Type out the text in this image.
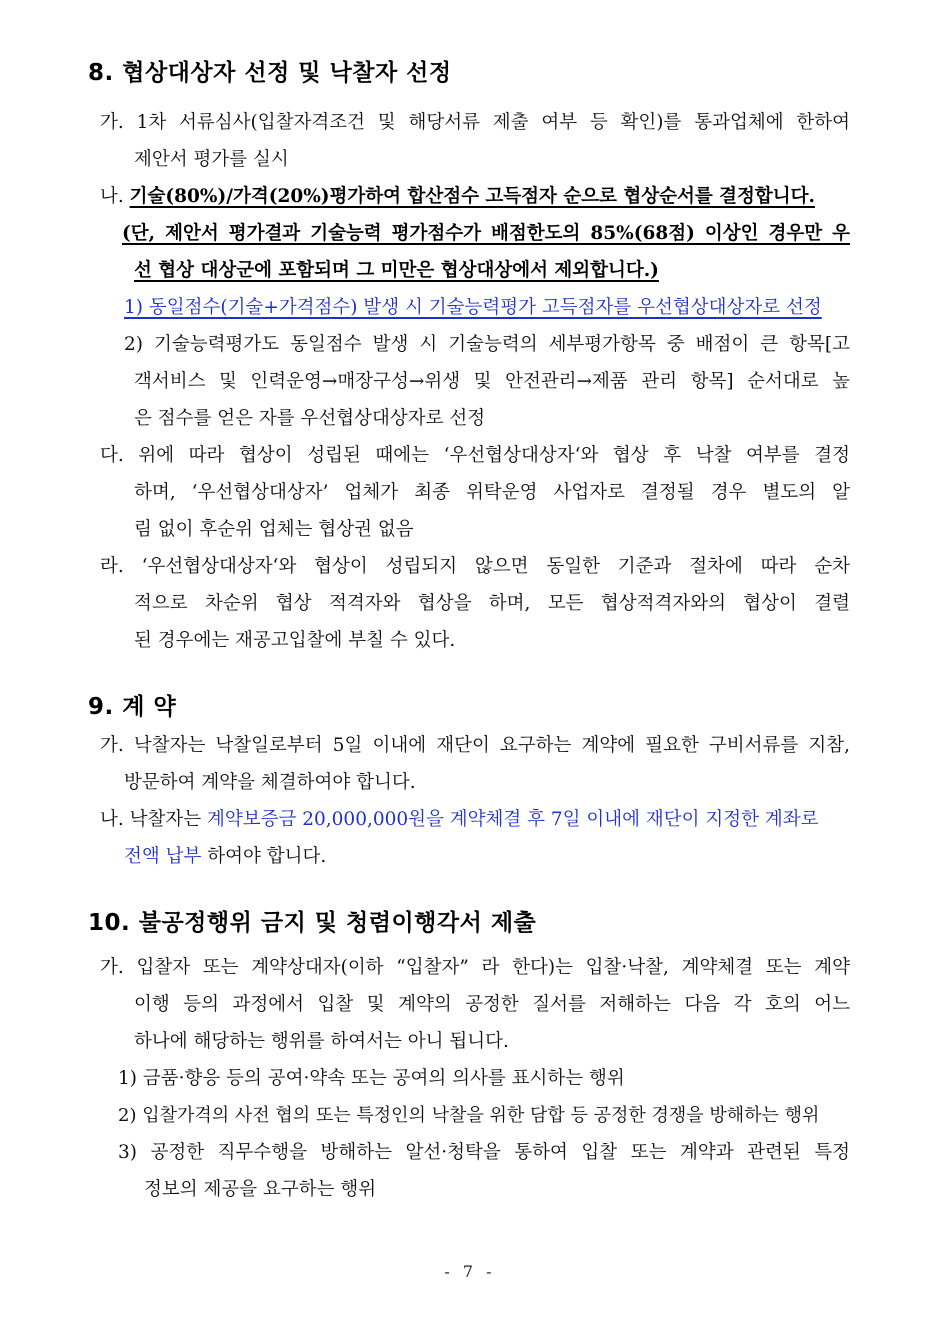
8. 협상대상자 선정 및 낙찰자 선정
가. 1차 서류심사(입찰자격조건 및 해당서류 제출 여부 등 확인)를 통과업체에 한하여
제안서 평가를 실시
나. 기술(80%)/가격(20%)평가하여 합산점수 고득점자 순으로 협상순서를 결정합니다.
(단, 제안서 평가결과 기술능력 평가점수가 배점한도의 85%(68점) 이상인 경우만 우
선 협상 대상군에 포함되며 그 미만은 협상대상에서 제외합니다.)
1) 동일점수(기술+가격점수) 발생 시 기술능력평가 고득점자를 우선협상대상자로 선정
2) 기술능력평가도 동일점수 발생 시 기술능력의 세부평가항목 중 배점이 큰 항목[고
객서비스 및 인력운영→매장구성→위생 및 안전관리→제품 관리 항목] 순서대로 높
은 점수를 얻은 자를 우선협상대상자로 선정
다. 위에 따라 협상이 성립된 때에는 ‘우선협상대상자‘와 협상 후 낙찰 여부를 결정
하며, ‘우선협상대상자’ 업체가 최종 위탁운영 사업자로 결정될 경우 별도의 알
림 없이 후순위 업체는 협상권 없음
라. ‘우선협상대상자‘와 협상이 성립되지 않으면 동일한 기준과 절차에 따라 순차
적으로 차순위 협상 적격자와 협상을 하며, 모든 협상적격자와의 협상이 결렬
된 경우에는 재공고입찰에 부칠 수 있다.
9. 계 약
가. 낙찰자는 낙찰일로부터 5일 이내에 재단이 요구하는 계약에 필요한 구비서류를 지참,
방문하여 계약을 체결하여야 합니다.
나. 낙찰자는 계약보증금 20,000,000원을 계약체결 후 7일 이내에 재단이 지정한 계좌로
전액 납부 하여야 합니다.
10. 불공정행위 금지 및 청렴이행각서 제출
가. 입찰자 또는 계약상대자(이하 “입찰자” 라 한다)는 입찰·낙찰, 계약체결 또는 계약
이행 등의 과정에서 입찰 및 계약의 공정한 질서를 저해하는 다음 각 호의 어느
하나에 해당하는 행위를 하여서는 아니 됩니다.
1) 금품·향응 등의 공여·약속 또는 공여의 의사를 표시하는 행위
2) 입찰가격의 사전 협의 또는 특정인의 낙찰을 위한 담합 등 공정한 경쟁을 방해하는 행위
3) 공정한 직무수행을 방해하는 알선·청탁을 통하여 입찰 또는 계약과 관련된 특정
정보의 제공을 요구하는 행위
- 7 -
